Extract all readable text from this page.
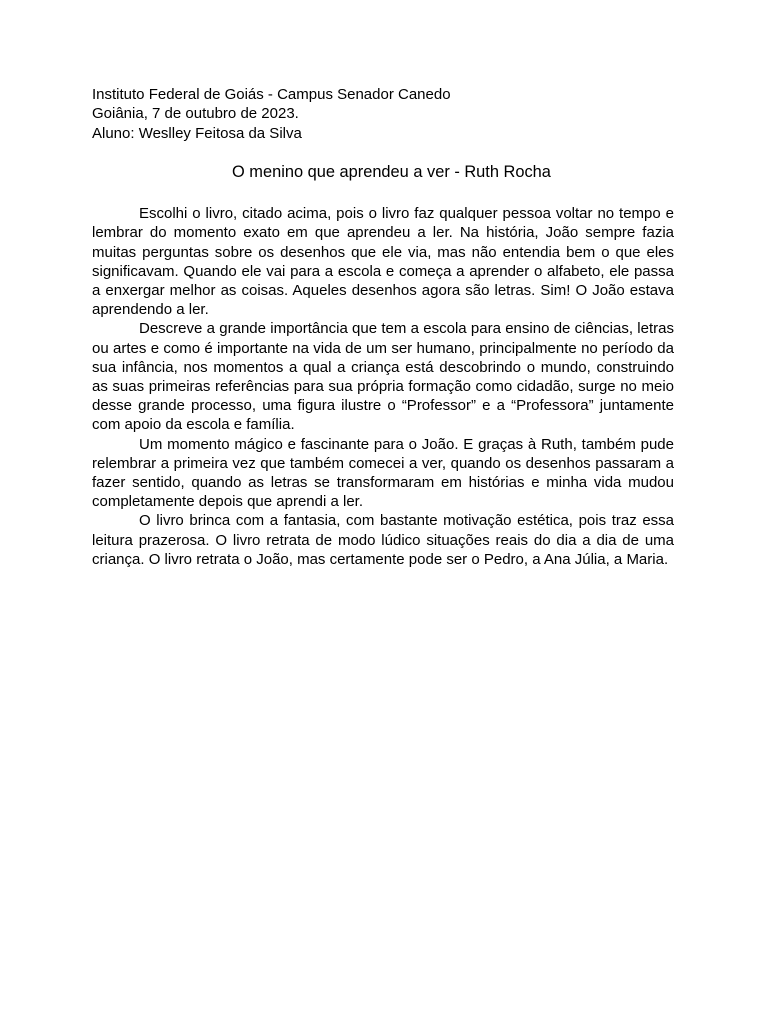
Instituto Federal de Goiás - Campus Senador Canedo

Goiânia, 7 de outubro de 2023.

Aluno: Weslley Feitosa da Silva

O menino que aprendeu a ver - Ruth Rocha

Escolhi o livro, citado acima, pois o livro faz qualquer pessoa voltar no tempo e lembrar do momento exato em que aprendeu a ler. Na história, João sempre fazia muitas perguntas sobre os desenhos que ele via, mas não entendia bem o que eles significavam. Quando ele vai para a escola e começa a aprender o alfabeto, ele passa a enxergar melhor as coisas. Aqueles desenhos agora são letras. Sim! O João estava aprendendo a ler.

Descreve a grande importância que tem a escola para ensino de ciências, letras ou artes e como é importante na vida de um ser humano, principalmente no período da sua infância, nos momentos a qual a criança está descobrindo o mundo, construindo as suas primeiras referências para sua própria formação como cidadão, surge no meio desse grande processo, uma figura ilustre o “Professor” e a “Professora” juntamente com apoio da escola e família.

Um momento mágico e fascinante para o João. E graças à Ruth, também pude relembrar a primeira vez que também comecei a ver, quando os desenhos passaram a fazer sentido, quando as letras se transformaram em histórias e minha vida mudou completamente depois que aprendi a ler.

O livro brinca com a fantasia, com bastante motivação estética, pois traz essa leitura prazerosa. O livro retrata de modo lúdico situações reais do dia a dia de uma criança. O livro retrata o João, mas certamente pode ser o Pedro, a Ana Júlia, a Maria.
